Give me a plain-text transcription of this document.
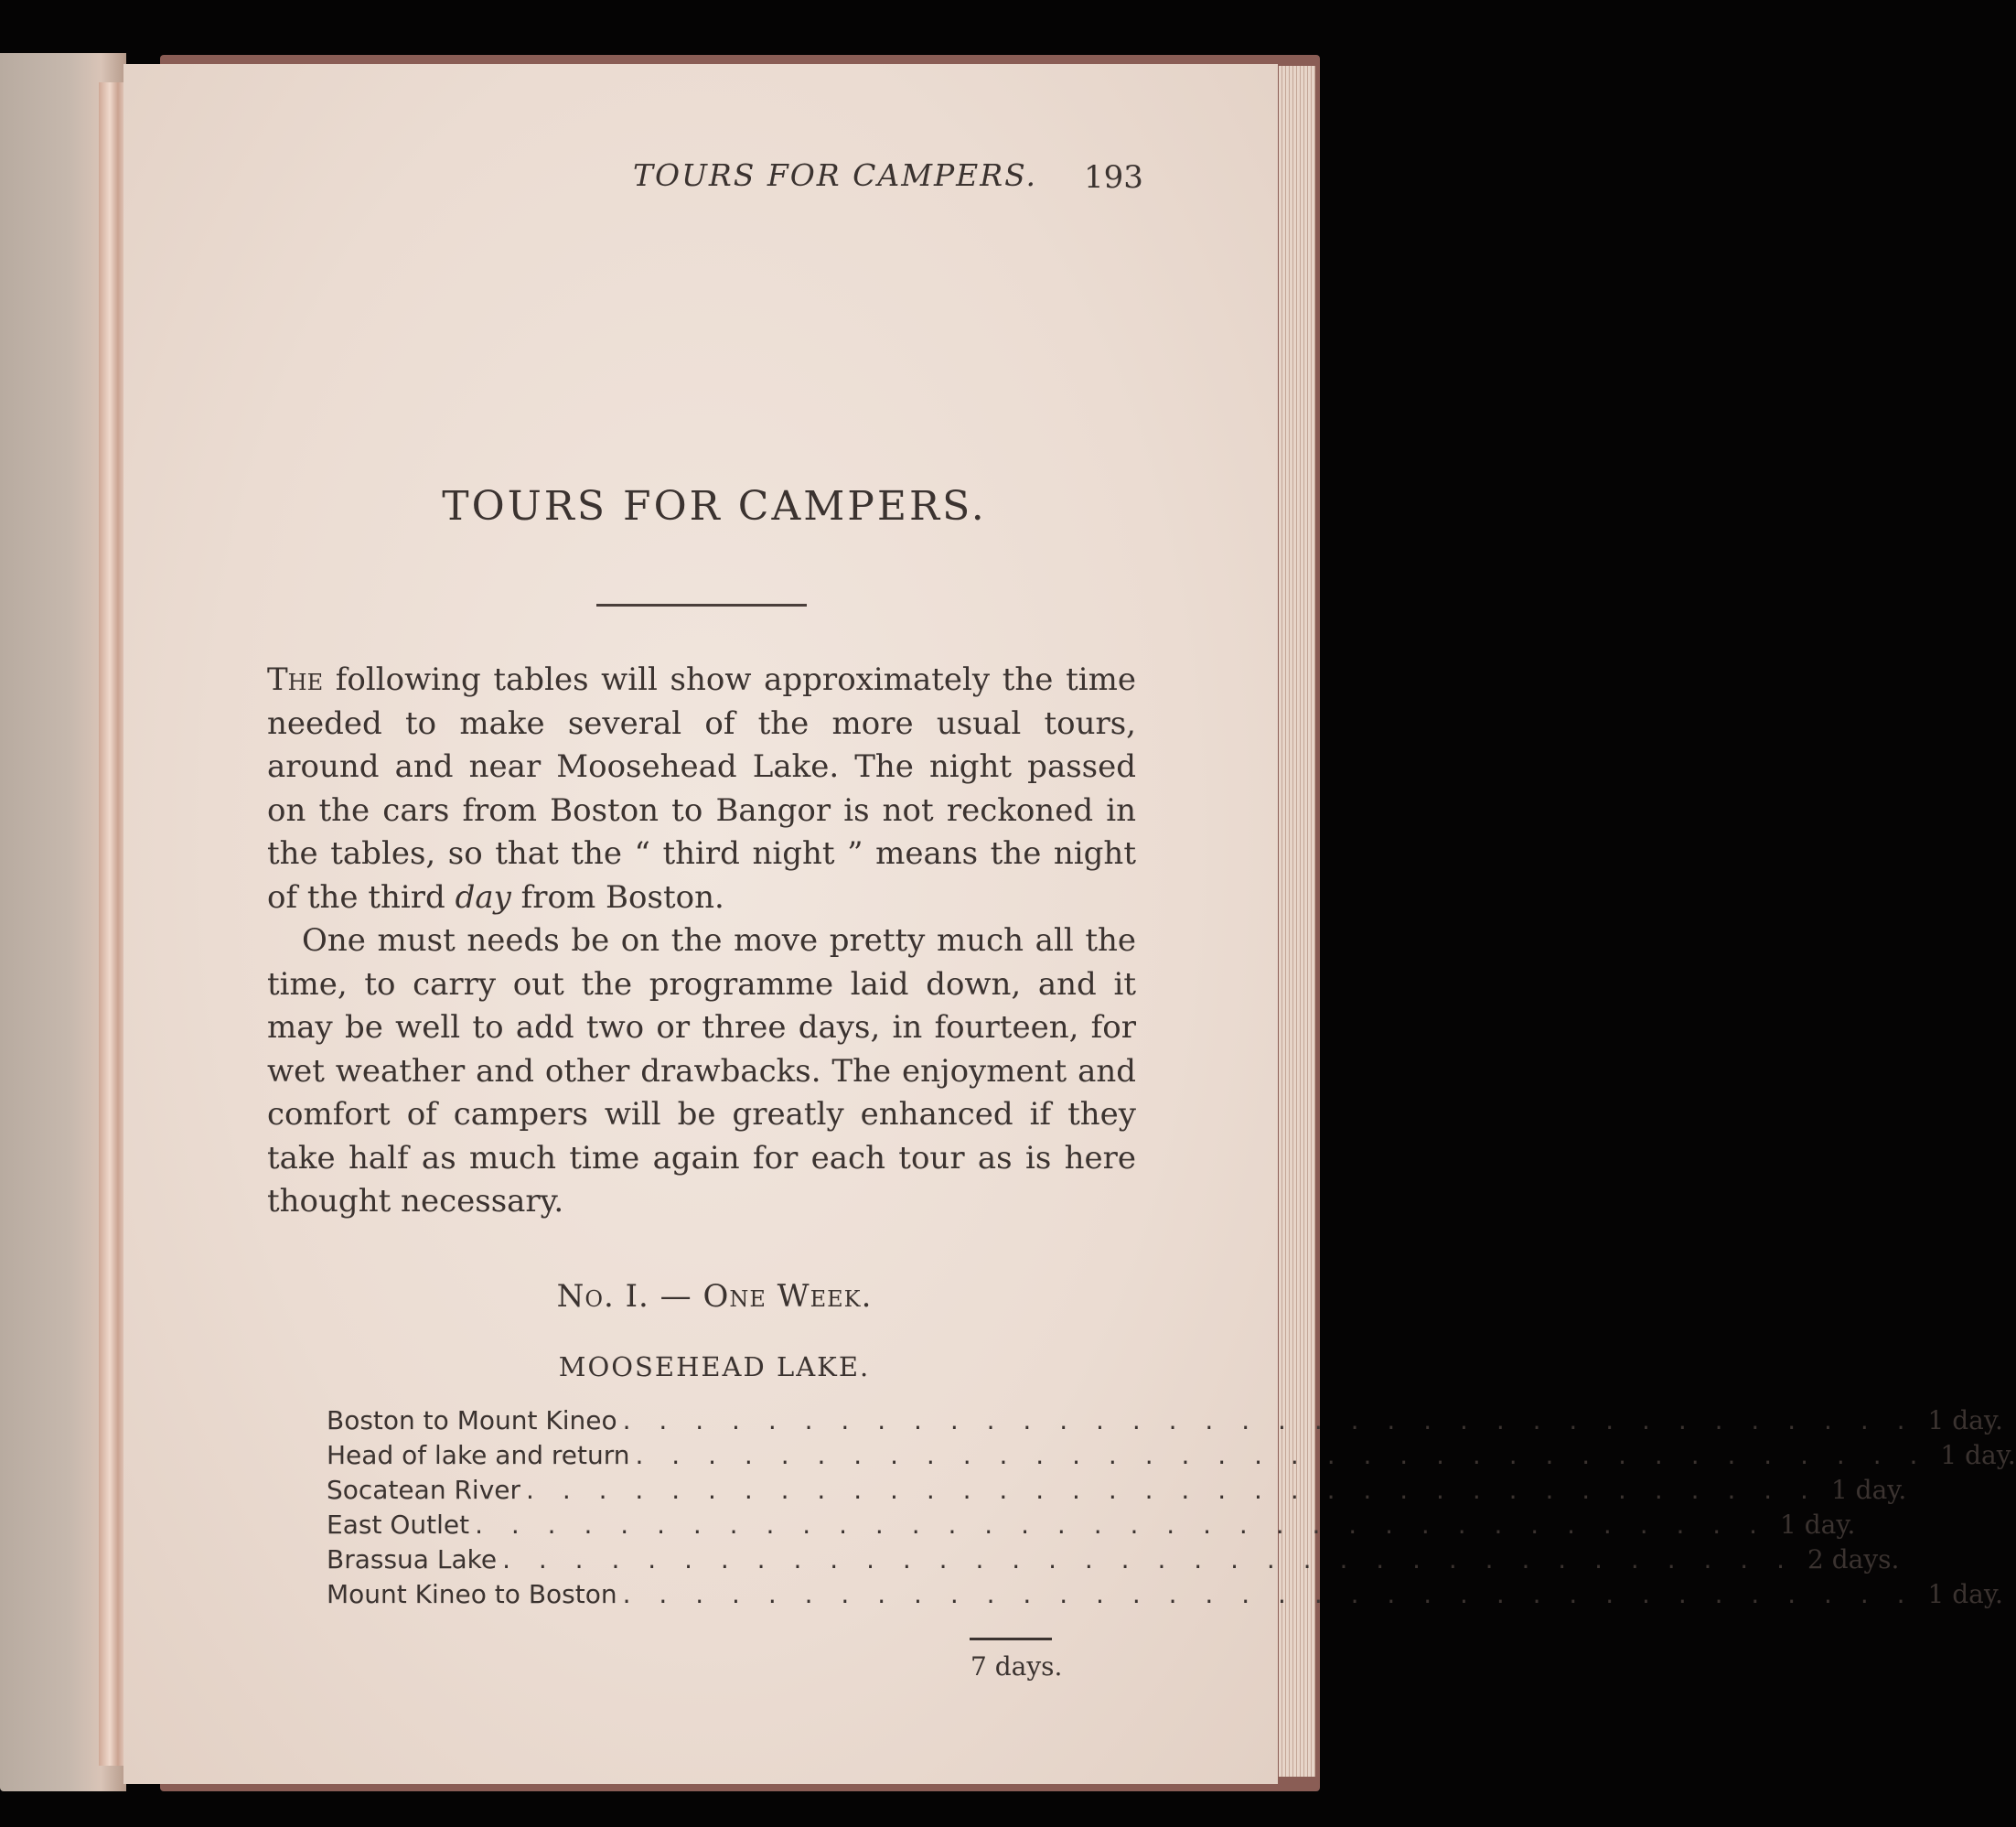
TOURS FOR CAMPERS. 193
TOURS FOR CAMPERS.

The following tables will show approximately the time needed to make several of the more usual tours, around and near Moosehead Lake. The night passed on the cars from Boston to Bangor is not reckoned in the tables, so that the “ third night ” means the night of the third day from Boston.

One must needs be on the move pretty much all the time, to carry out the programme laid down, and it may be well to add two or three days, in fourteen, for wet weather and other drawbacks. The enjoyment and comfort of campers will be greatly enhanced if they take half as much time again for each tour as is here thought necessary.

No. I. — One Week.
MOOSEHEAD LAKE.
Boston to Mount Kineo . . . . . . . . . . . . . . . . . . . . . . . . . . . . . . . . . . . . 1 day.
Head of lake and return . . . . . . . . . . . . . . . . . . . . . . . . . . . . . . . . . . . . 1 day.
Socatean River . . . . . . . . . . . . . . . . . . . . . . . . . . . . . . . . . . . . 1 day.
East Outlet . . . . . . . . . . . . . . . . . . . . . . . . . . . . . . . . . . . . 1 day.
Brassua Lake . . . . . . . . . . . . . . . . . . . . . . . . . . . . . . . . . . . . 2 days.
Mount Kineo to Boston . . . . . . . . . . . . . . . . . . . . . . . . . . . . . . . . . . . . 1 day.
7 days.
